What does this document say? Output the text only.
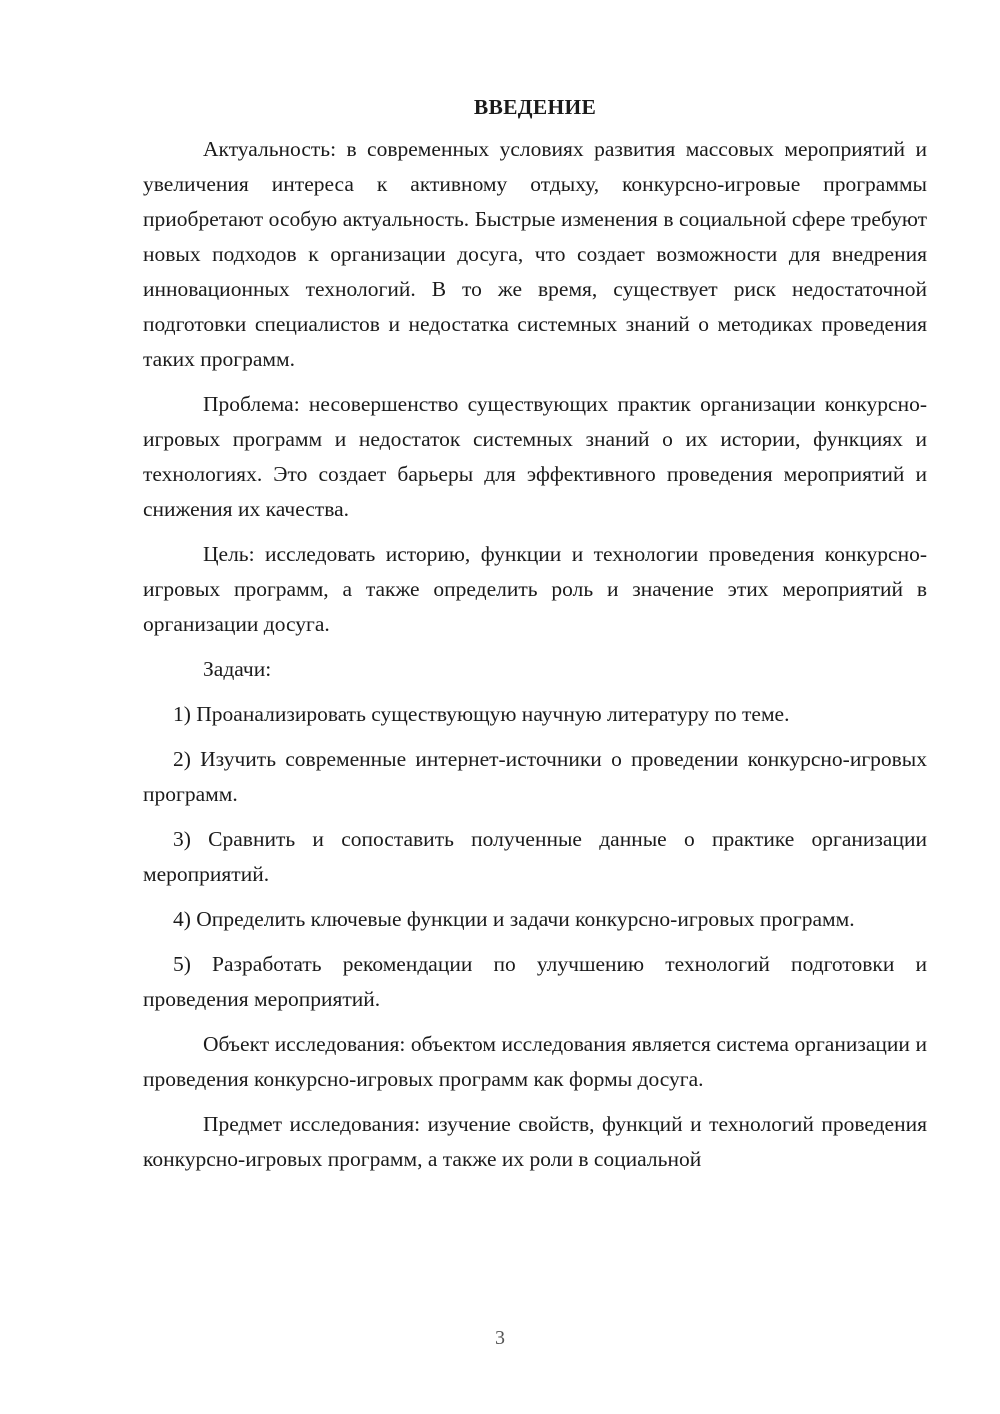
ВВЕДЕНИЕ

Актуальность: в современных условиях развития массовых мероприятий и увеличения интереса к активному отдыху, конкурсно-игровые программы приобретают особую актуальность. Быстрые изменения в социальной сфере требуют новых подходов к организации досуга, что создает возможности для внедрения инновационных технологий. В то же время, существует риск недостаточной подготовки специалистов и недостатка системных знаний о методиках проведения таких программ.

Проблема: несовершенство существующих практик организации конкурсно-игровых программ и недостаток системных знаний о их истории, функциях и технологиях. Это создает барьеры для эффективного проведения мероприятий и снижения их качества.

Цель: исследовать историю, функции и технологии проведения конкурсно-игровых программ, а также определить роль и значение этих мероприятий в организации досуга.

Задачи:

1) Проанализировать существующую научную литературу по теме.

2) Изучить современные интернет-источники о проведении конкурсно-игровых программ.

3) Сравнить и сопоставить полученные данные о практике организации мероприятий.

4) Определить ключевые функции и задачи конкурсно-игровых программ.

5) Разработать рекомендации по улучшению технологий подготовки и проведения мероприятий.

Объект исследования: объектом исследования является система организации и проведения конкурсно-игровых программ как формы досуга.

Предмет исследования: изучение свойств, функций и технологий проведения конкурсно-игровых программ, а также их роли в социальной

3
